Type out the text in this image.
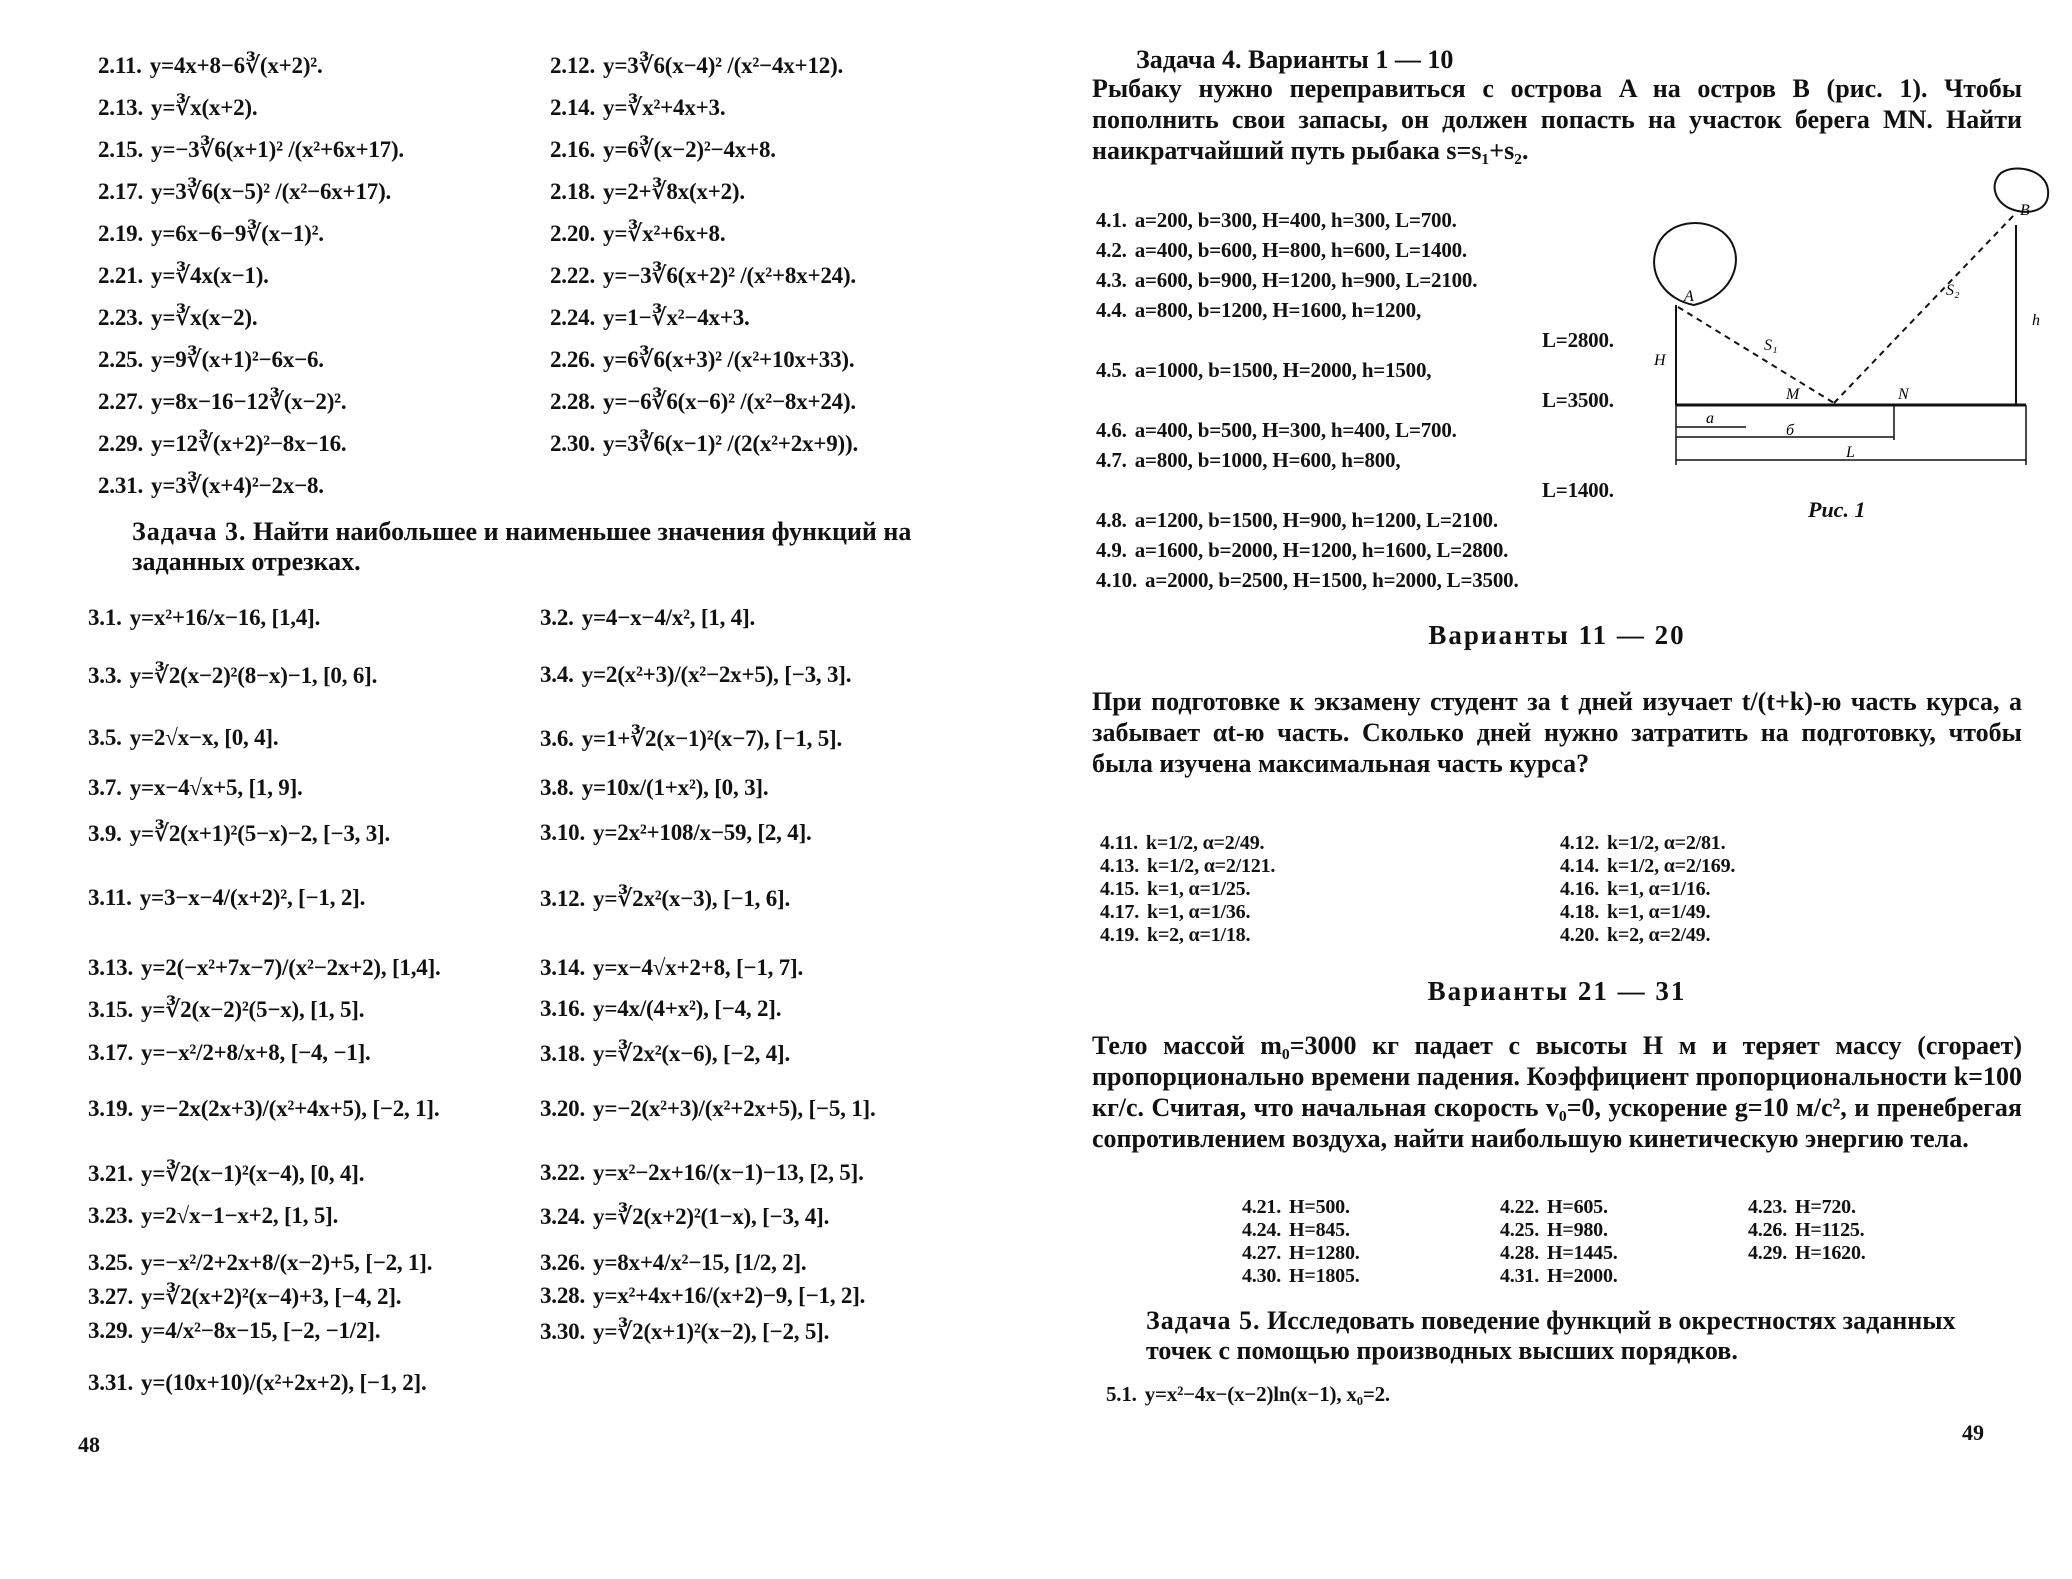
2.11. y=4x+8−6∛(x+2)².	2.12. y=3∛6(x−4)² /(x²−4x+12).
2.13. y=∛x(x+2).	2.14. y=∛x²+4x+3.
2.15. y=−3∛6(x+1)² /(x²+6x+17).	2.16. y=6∛(x−2)²−4x+8.
2.17. y=3∛6(x−5)² /(x²−6x+17).	2.18. y=2+∛8x(x+2).
2.19. y=6x−6−9∛(x−1)².	2.20. y=∛x²+6x+8.
2.21. y=∛4x(x−1).	2.22. y=−3∛6(x+2)² /(x²+8x+24).
2.23. y=∛x(x−2).	2.24. y=1−∛x²−4x+3.
2.25. y=9∛(x+1)²−6x−6.	2.26. y=6∛6(x+3)² /(x²+10x+33).
2.27. y=8x−16−12∛(x−2)².	2.28. y=−6∛6(x−6)² /(x²−8x+24).
2.29. y=12∛(x+2)²−8x−16.	2.30. y=3∛6(x−1)² /(2(x²+2x+9)).
2.31. y=3∛(x+4)²−2x−8.
Задача 3. Найти наибольшее и наименьшее значения функций на заданных отрезках.
3.1. y=x²+16/x−16, [1,4].	3.2. y=4−x−4/x², [1, 4].
3.3. y=∛2(x−2)²(8−x)−1, [0, 6].	3.4. y=2(x²+3)/(x²−2x+5), [−3, 3].
3.5. y=2√x−x, [0, 4].	3.6. y=1+∛2(x−1)²(x−7), [−1, 5].
3.7. y=x−4√x+5, [1, 9].	3.8. y=10x/(1+x²), [0, 3].
3.9. y=∛2(x+1)²(5−x)−2, [−3, 3].	3.10. y=2x²+108/x−59, [2, 4].
3.11. y=3−x−4/(x+2)², [−1, 2].	3.12. y=∛2x²(x−3), [−1, 6].
3.13. y=2(−x²+7x−7)/(x²−2x+2), [1,4].	3.14. y=x−4√x+2+8, [−1, 7].
3.15. y=∛2(x−2)²(5−x), [1, 5].	3.16. y=4x/(4+x²), [−4, 2].
3.17. y=−x²/2+8/x+8, [−4, −1].	3.18. y=∛2x²(x−6), [−2, 4].
3.19. y=−2x(2x+3)/(x²+4x+5), [−2, 1].	3.20. y=−2(x²+3)/(x²+2x+5), [−5, 1].
3.21. y=∛2(x−1)²(x−4), [0, 4].	3.22. y=x²−2x+16/(x−1)−13, [2, 5].
3.23. y=2√x−1−x+2, [1, 5].	3.24. y=∛2(x+2)²(1−x), [−3, 4].
3.25. y=−x²/2+2x+8/(x−2)+5, [−2, 1].	3.26. y=8x+4/x²−15, [1/2, 2].
3.27. y=∛2(x+2)²(x−4)+3, [−4, 2].	3.28. y=x²+4x+16/(x+2)−9, [−1, 2].
3.29. y=4/x²−8x−15, [−2, −1/2].	3.30. y=∛2(x+1)²(x−2), [−2, 5].
3.31. y=(10x+10)/(x²+2x+2), [−1, 2].
48
Задача 4. Варианты 1 — 10
Рыбаку нужно переправиться с острова A на остров B (рис. 1). Чтобы пополнить свои запасы, он должен попасть на участок берега MN. Найти наикратчайший путь рыбака s=s₁+s₂.
4.1. a=200, b=300, H=400, h=300, L=700.
4.2. a=400, b=600, H=800, h=600, L=1400.
4.3. a=600, b=900, H=1200, h=900, L=2100.
4.4. a=800, b=1200, H=1600, h=1200,
L=2800.
4.5. a=1000, b=1500, H=2000, h=1500,
L=3500.
4.6. a=400, b=500, H=300, h=400, L=700.
4.7. a=800, b=1000, H=600, h=800,
L=1400.
4.8. a=1200, b=1500, H=900, h=1200, L=2100.
4.9. a=1600, b=2000, H=1200, h=1600, L=2800.
4.10. a=2000, b=2500, H=1500, h=2000, L=3500.
A
B
H
h
S₁
S₂
M	N
a
б
L
Рис. 1
Варианты 11 — 20
При подготовке к экзамену студент за t дней изучает t/(t+k)-ю часть курса, а забывает αt-ю часть. Сколько дней нужно затратить на подготовку, чтобы была изучена максимальная часть курса?
4.11. k=1/2, α=2/49.	4.12. k=1/2, α=2/81.
4.13. k=1/2, α=2/121.	4.14. k=1/2, α=2/169.
4.15. k=1, α=1/25.	4.16. k=1, α=1/16.
4.17. k=1, α=1/36.	4.18. k=1, α=1/49.
4.19. k=2, α=1/18.	4.20. k=2, α=2/49.
Варианты 21 — 31
Тело массой m₀=3000 кг падает с высоты H м и теряет массу (сгорает) пропорционально времени падения. Коэффициент пропорциональности k=100 кг/с. Считая, что начальная скорость v₀=0, ускорение g=10 м/с², и пренебрегая сопротивлением воздуха, найти наибольшую кинетическую энергию тела.
4.21. H=500.	4.22. H=605.	4.23. H=720.
4.24. H=845.	4.25. H=980.	4.26. H=1125.
4.27. H=1280.	4.28. H=1445.	4.29. H=1620.
4.30. H=1805.	4.31. H=2000.
Задача 5. Исследовать поведение функций в окрестностях заданных точек с помощью производных высших порядков.
5.1. y=x²−4x−(x−2)ln(x−1), x₀=2.
49
